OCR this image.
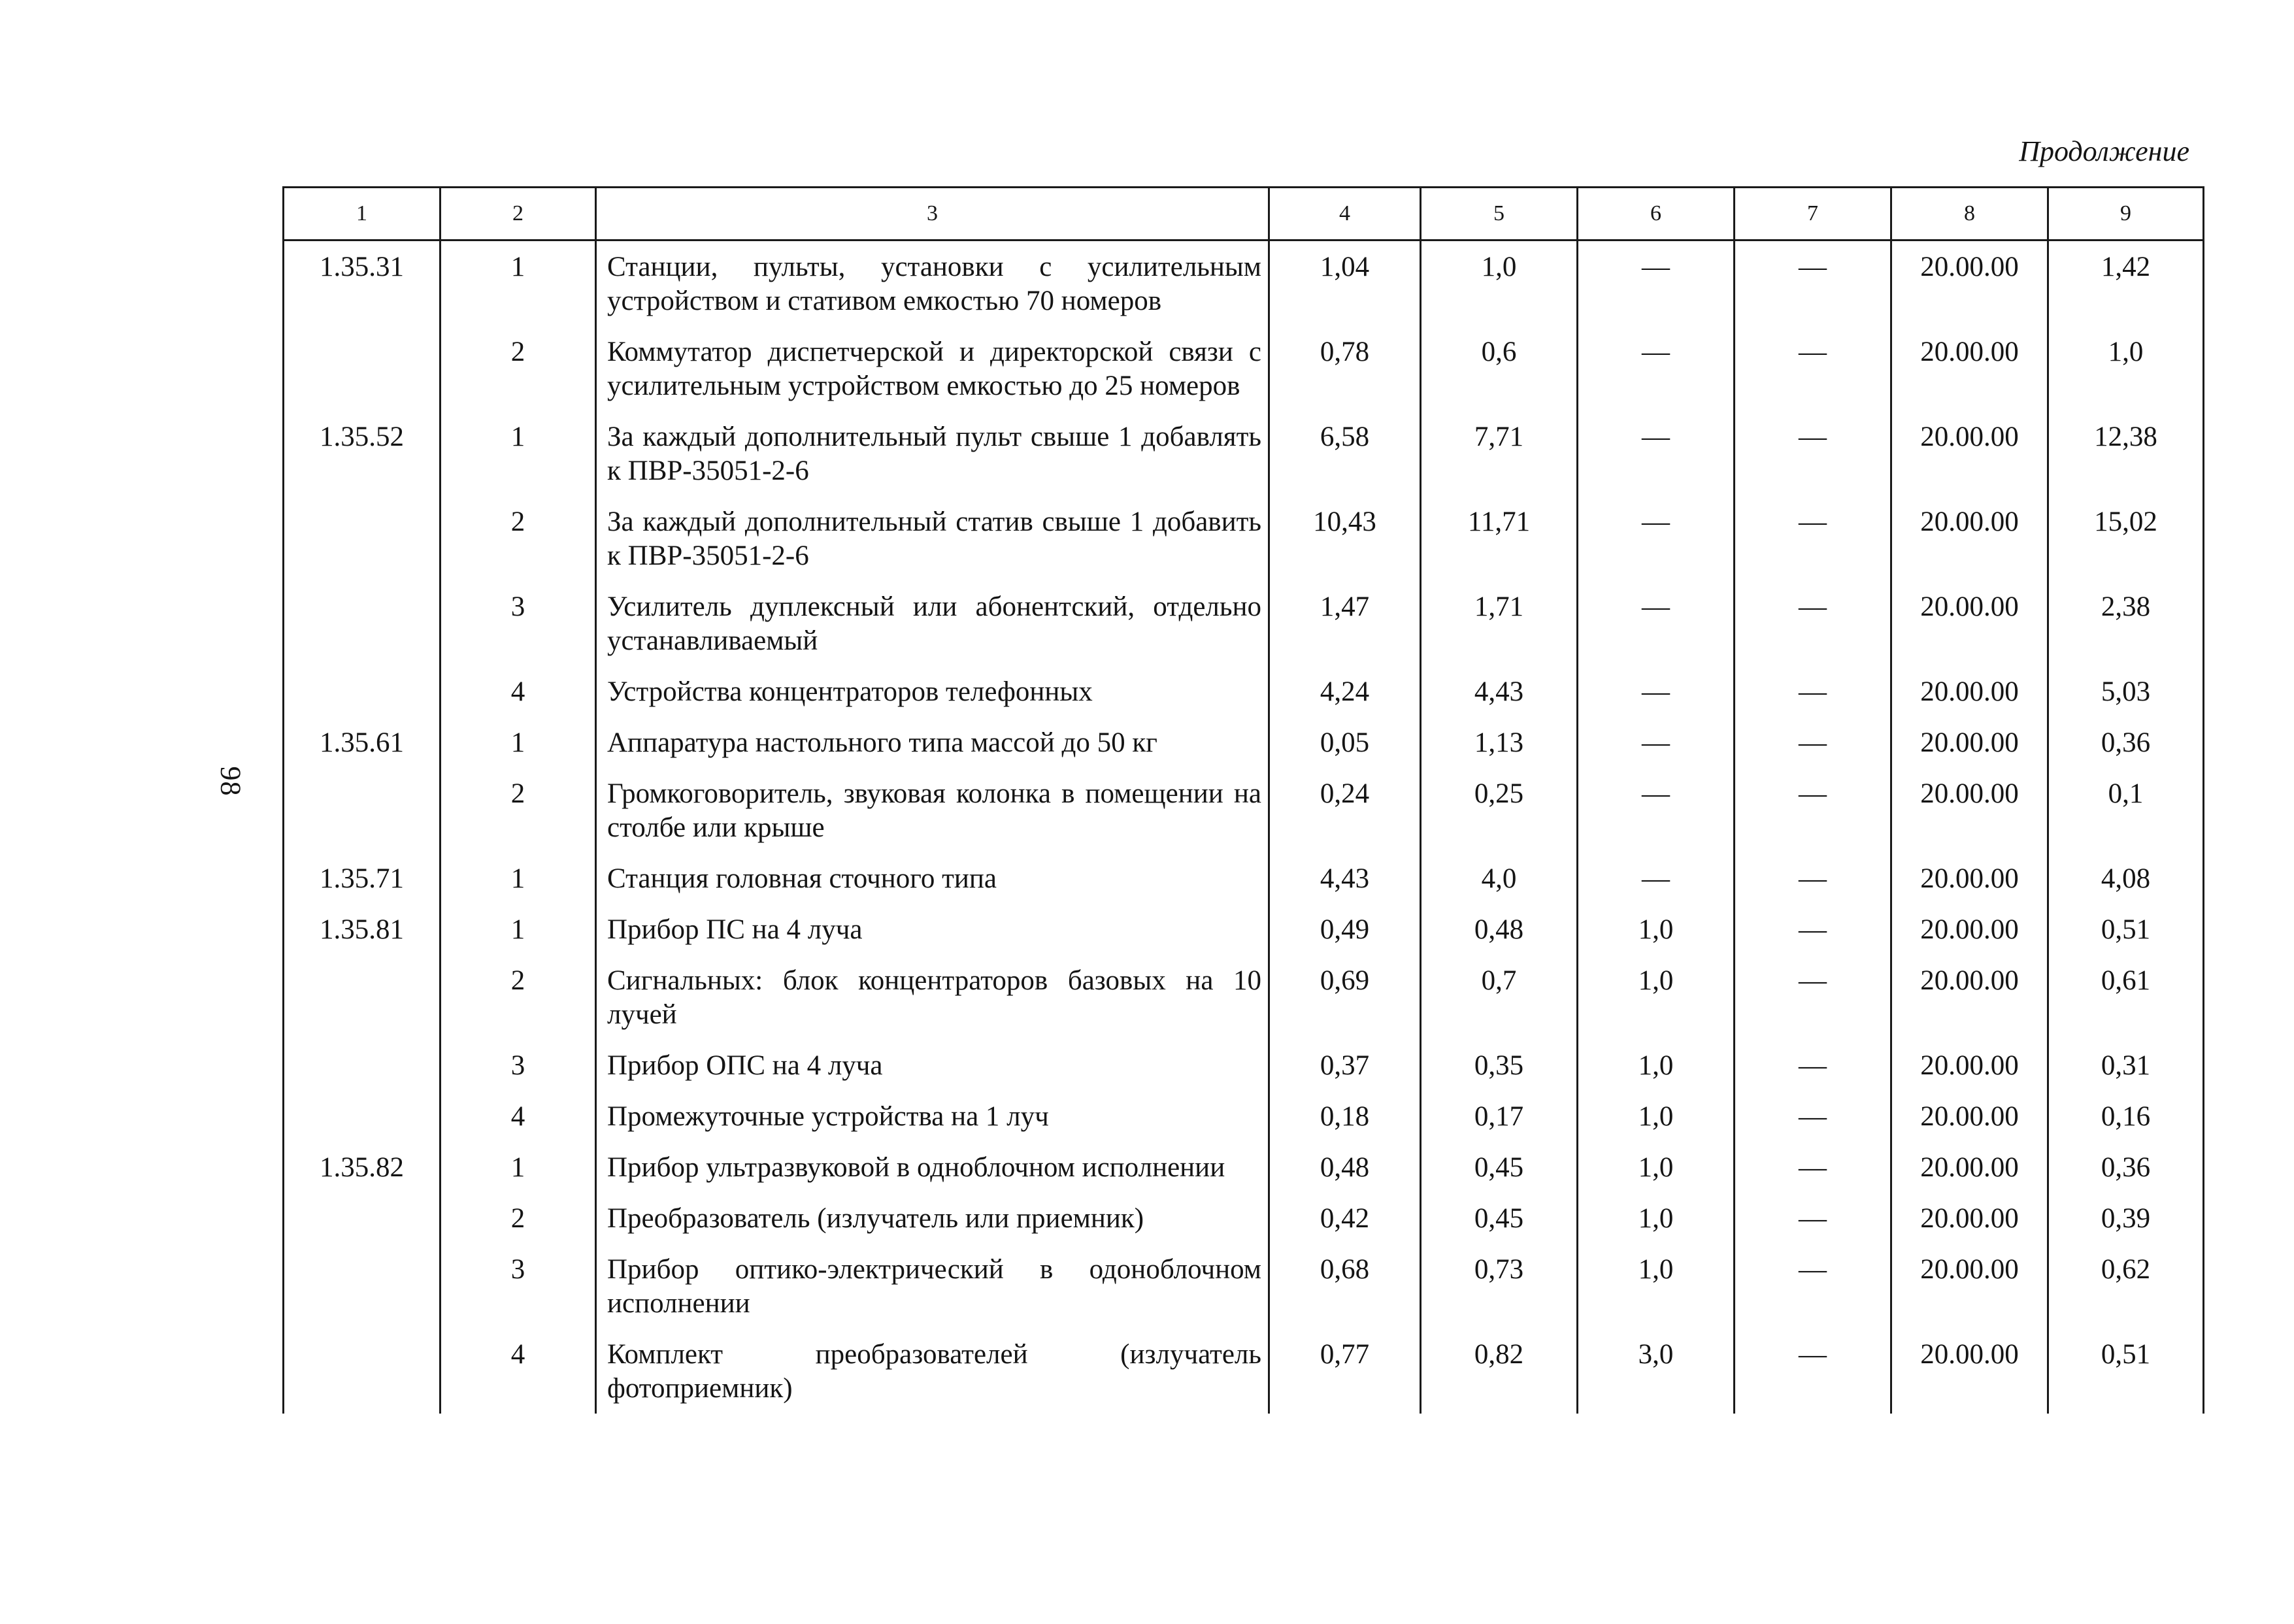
98
Продолжение
1	2	3	4	5	6	7	8	9
1.35.31	1	Станции, пульты, установки с усилительным устройством и стативом емкостью 70 номеров	1,04	1,0	—	—	20.00.00	1,42
	2	Коммутатор диспетчерской и директорской связи с усилительным устройством емкостью до 25 номеров	0,78	0,6	—	—	20.00.00	1,0
1.35.52	1	За каждый дополнительный пульт свыше 1 добавлять к ПВР-35051-2-6	6,58	7,71	—	—	20.00.00	12,38
	2	За каждый дополнительный статив свыше 1 добавить к ПВР-35051-2-6	10,43	11,71	—	—	20.00.00	15,02
	3	Усилитель дуплексный или абонентский, отдельно устанавливаемый	1,47	1,71	—	—	20.00.00	2,38
	4	Устройства концентраторов телефонных	4,24	4,43	—	—	20.00.00	5,03
1.35.61	1	Аппаратура настольного типа массой до 50 кг	0,05	1,13	—	—	20.00.00	0,36
	2	Громкоговоритель, звуковая колонка в помещении на столбе или крыше	0,24	0,25	—	—	20.00.00	0,1
1.35.71	1	Станция головная сточного типа	4,43	4,0	—	—	20.00.00	4,08
1.35.81	1	Прибор ПС на 4 луча	0,49	0,48	1,0	—	20.00.00	0,51
	2	Сигнальных: блок концентраторов базовых на 10 лучей	0,69	0,7	1,0	—	20.00.00	0,61
	3	Прибор ОПС на 4 луча	0,37	0,35	1,0	—	20.00.00	0,31
	4	Промежуточные устройства на 1 луч	0,18	0,17	1,0	—	20.00.00	0,16
1.35.82	1	Прибор ультразвуковой в одноблочном исполнении	0,48	0,45	1,0	—	20.00.00	0,36
	2	Преобразователь (излучатель или приемник)	0,42	0,45	1,0	—	20.00.00	0,39
	3	Прибор оптико-электрический в одоноблочном исполнении	0,68	0,73	1,0	—	20.00.00	0,62
	4	Комплект преобразователей (излучатель фотоприемник)	0,77	0,82	3,0	—	20.00.00	0,51
